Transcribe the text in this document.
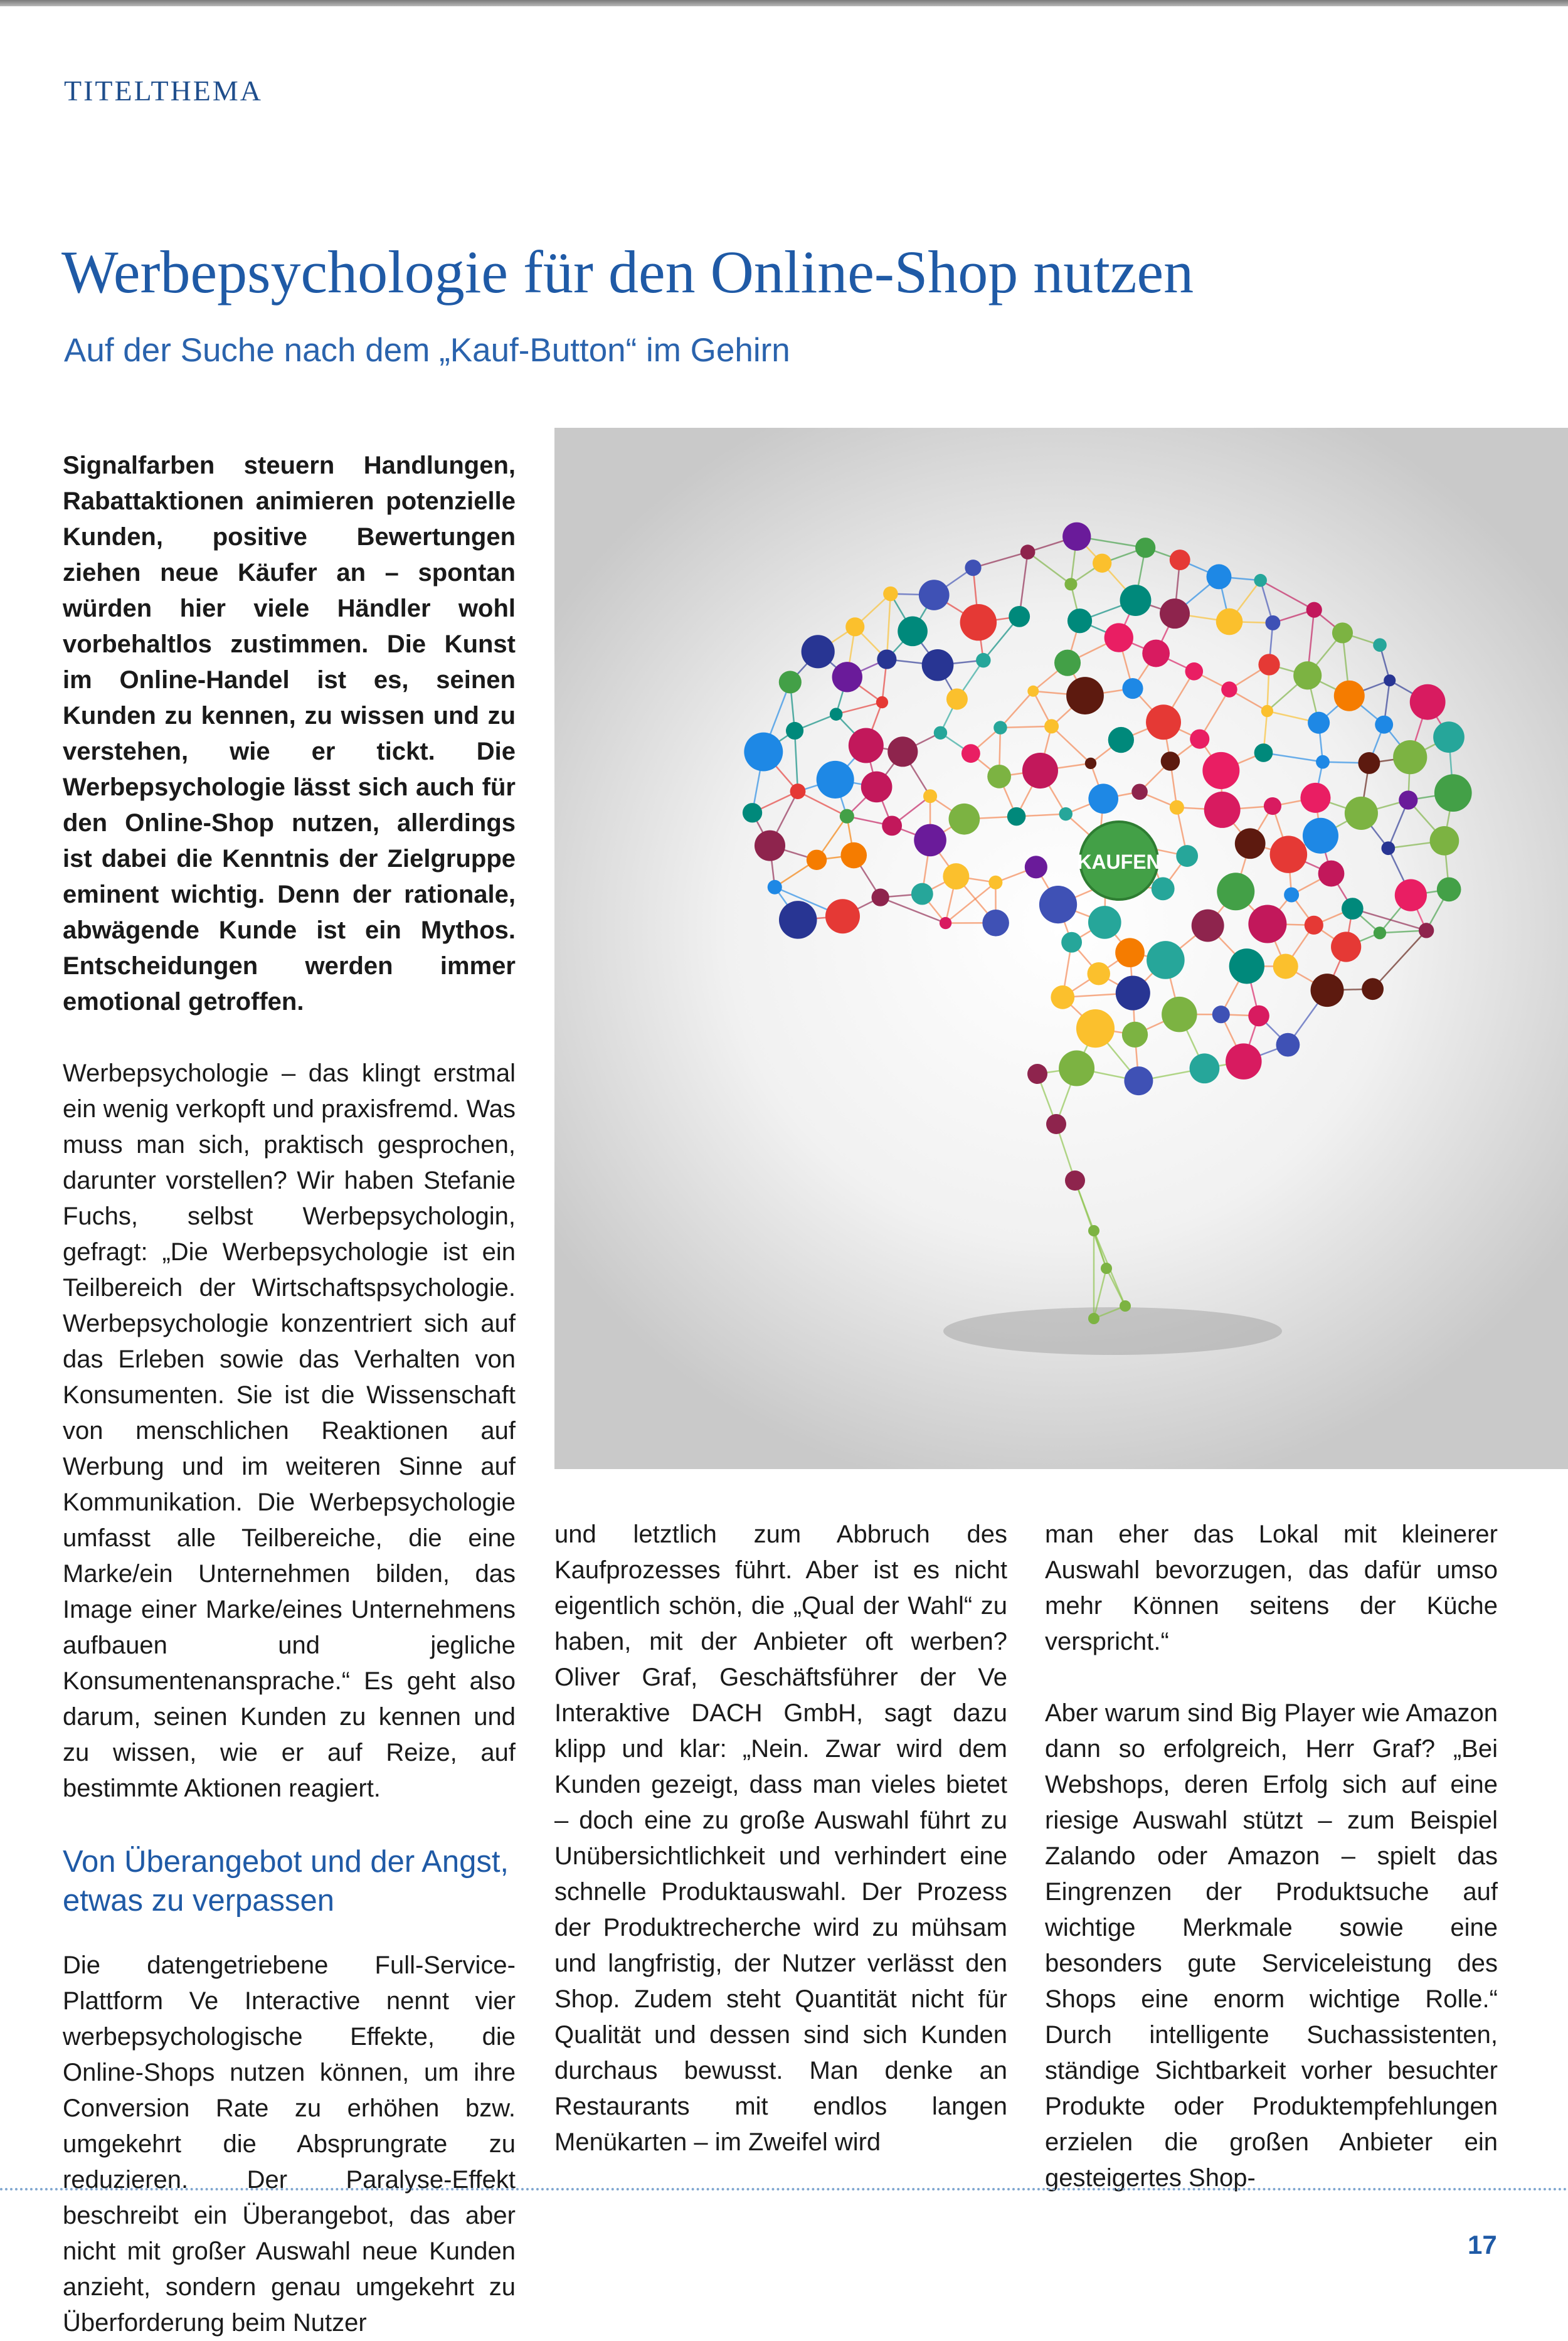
TITELTHEMA
Werbepsychologie für den Online-Shop nutzen
Auf der Suche nach dem „Kauf-Button“ im Gehirn

Signalfarben steuern Handlungen, Rabattaktionen animieren potenzielle Kunden, positive Bewertungen ziehen neue Käufer an – spontan würden hier viele Händler wohl vorbehaltlos zustimmen. Die Kunst im Online-Handel ist es, seinen Kunden zu kennen, zu wissen und zu verstehen, wie er tickt. Die Werbepsychologie lässt sich auch für den Online-Shop nutzen, allerdings ist dabei die Kenntnis der Zielgruppe eminent wichtig. Denn der rationale, abwägende Kunde ist ein Mythos. Entscheidungen werden immer emotional getroffen.

Werbepsychologie – das klingt erstmal ein wenig verkopft und praxisfremd. Was muss man sich, praktisch gesprochen, darunter vorstellen? Wir haben Stefanie Fuchs, selbst Werbepsychologin, gefragt: „Die Werbepsychologie ist ein Teilbereich der Wirtschaftspsychologie. Werbepsychologie konzentriert sich auf das Erleben sowie das Verhalten von Konsumenten. Sie ist die Wissenschaft von menschlichen Reaktionen auf Werbung und im weiteren Sinne auf Kommunikation. Die Werbepsychologie umfasst alle Teilbereiche, die eine Marke/ein Unternehmen bilden, das Image einer Marke/eines Unternehmens aufbauen und jegliche Konsumentenansprache.“ Es geht also darum, seinen Kunden zu kennen und zu wissen, wie er auf Reize, auf bestimmte Aktionen reagiert.

Von Überangebot und der Angst, etwas zu verpassen

Die datengetriebene Full-Service-Plattform Ve Interactive nennt vier werbepsychologische Effekte, die Online-Shops nutzen können, um ihre Conversion Rate zu erhöhen bzw. umgekehrt die Absprungrate zu reduzieren. Der Paralyse-Effekt beschreibt ein Überangebot, das aber nicht mit großer Auswahl neue Kunden anzieht, sondern genau umgekehrt zu Überforderung beim Nutzer

KAUFEN

und letztlich zum Abbruch des Kaufprozesses führt. Aber ist es nicht eigentlich schön, die „Qual der Wahl“ zu haben, mit der Anbieter oft werben? Oliver Graf, Geschäftsführer der Ve Interaktive DACH GmbH, sagt dazu klipp und klar: „Nein. Zwar wird dem Kunden gezeigt, dass man vieles bietet – doch eine zu große Auswahl führt zu Unübersichtlichkeit und verhindert eine schnelle Produktauswahl. Der Prozess der Produktrecherche wird zu mühsam und langfristig, der Nutzer verlässt den Shop. Zudem steht Quantität nicht für Qualität und dessen sind sich Kunden durchaus bewusst. Man denke an Restaurants mit endlos langen Menükarten – im Zweifel wird

man eher das Lokal mit kleinerer Auswahl bevorzugen, das dafür umso mehr Können seitens der Küche verspricht.“

Aber warum sind Big Player wie Amazon dann so erfolgreich, Herr Graf? „Bei Webshops, deren Erfolg sich auf eine riesige Auswahl stützt – zum Beispiel Zalando oder Amazon – spielt das Eingrenzen der Produktsuche auf wichtige Merkmale sowie eine besonders gute Serviceleistung des Shops eine enorm wichtige Rolle.“ Durch intelligente Suchassistenten, ständige Sichtbarkeit vorher besuchter Produkte oder Produktempfehlungen erzielen die großen Anbieter ein gesteigertes Shop-

17
